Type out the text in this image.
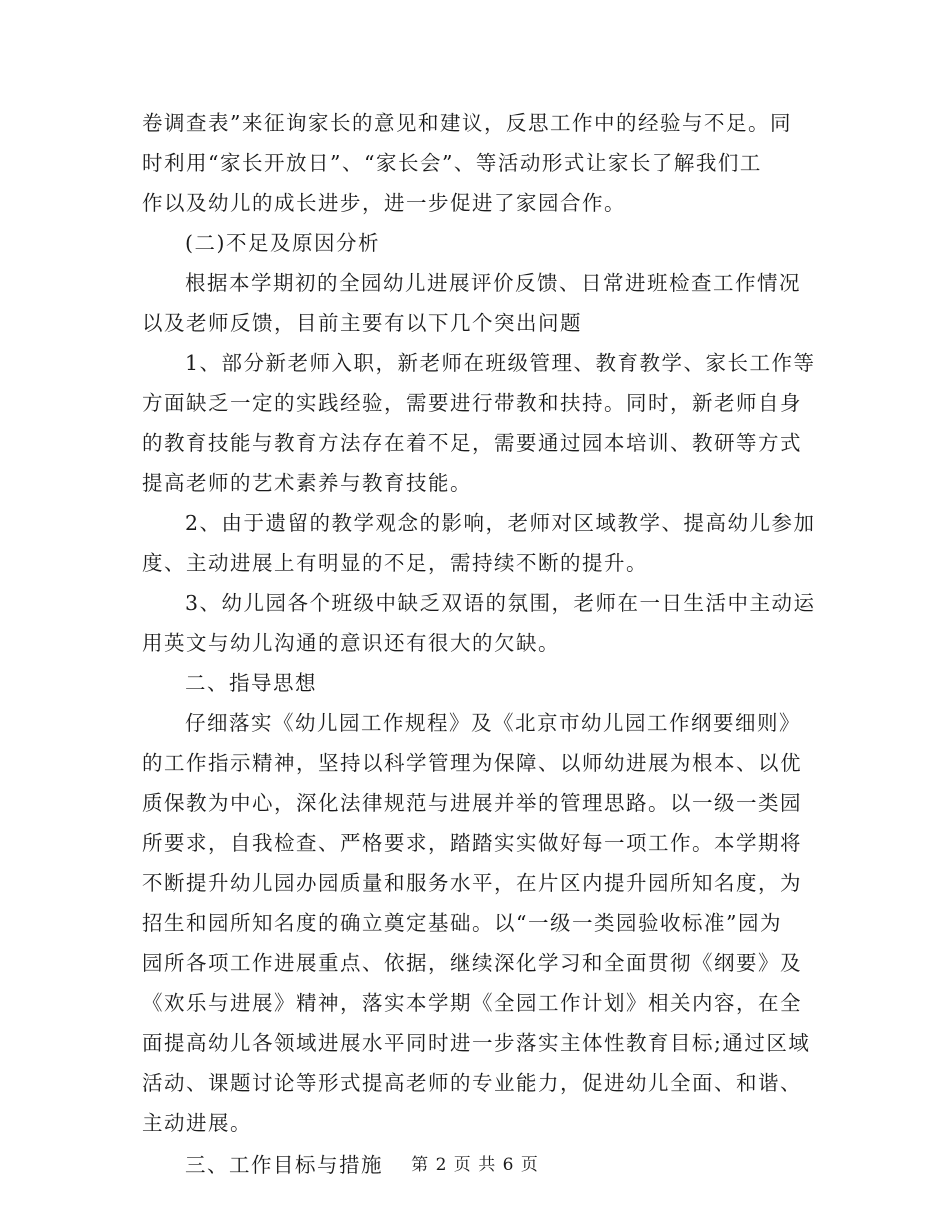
卷调查表”来征询家长的意见和建议，反思工作中的经验与不足。同
时利用“家长开放日”、“家长会”、等活动形式让家长了解我们工
作以及幼儿的成长进步，进一步促进了家园合作。
(二)不足及原因分析
根据本学期初的全园幼儿进展评价反馈、日常进班检查工作情况
以及老师反馈，目前主要有以下几个突出问题
1、部分新老师入职，新老师在班级管理、教育教学、家长工作等
方面缺乏一定的实践经验，需要进行带教和扶持。同时，新老师自身
的教育技能与教育方法存在着不足，需要通过园本培训、教研等方式
提高老师的艺术素养与教育技能。
2、由于遗留的教学观念的影响，老师对区域教学、提高幼儿参加
度、主动进展上有明显的不足，需持续不断的提升。
3、幼儿园各个班级中缺乏双语的氛围，老师在一日生活中主动运
用英文与幼儿沟通的意识还有很大的欠缺。
二、指导思想
仔细落实《幼儿园工作规程》及《北京市幼儿园工作纲要细则》
的工作指示精神，坚持以科学管理为保障、以师幼进展为根本、以优
质保教为中心，深化法律规范与进展并举的管理思路。以一级一类园
所要求，自我检查、严格要求，踏踏实实做好每一项工作。本学期将
不断提升幼儿园办园质量和服务水平，在片区内提升园所知名度，为
招生和园所知名度的确立奠定基础。以“一级一类园验收标准”园为
园所各项工作进展重点、依据，继续深化学习和全面贯彻《纲要》及
《欢乐与进展》精神，落实本学期《全园工作计划》相关内容，在全
面提高幼儿各领域进展水平同时进一步落实主体性教育目标;通过区域
活动、课题讨论等形式提高老师的专业能力，促进幼儿全面、和谐、
主动进展。
三、工作目标与措施	第 2 页 共 6 页
